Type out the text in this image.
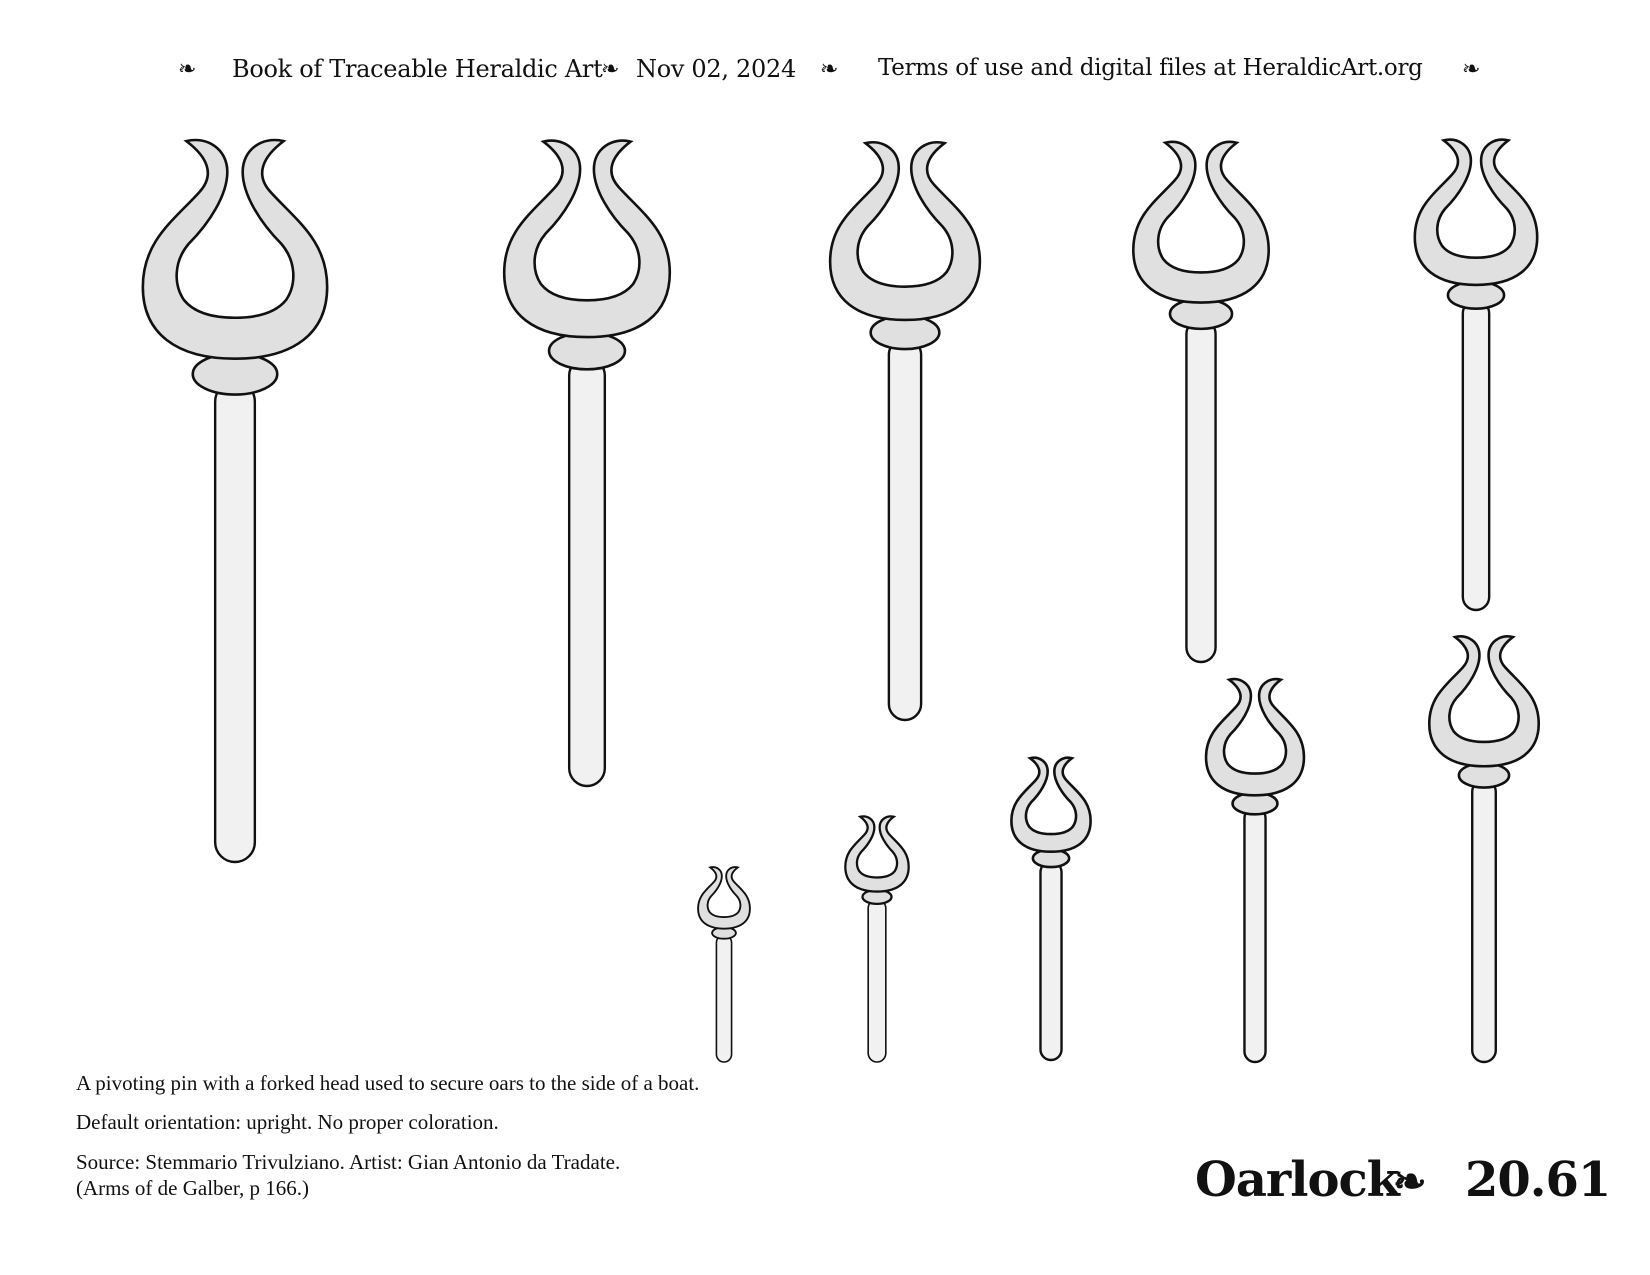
❧ Book of Traceable Heraldic Art
❧ Nov 02, 2024 ❧ Terms of use and digital files at HeraldicArt.org ❧
A pivoting pin with a forked head used to secure oars to the side of a boat.
Default orientation: upright. No proper coloration.
Source: Stemmario Trivulziano. Artist: Gian Antonio da Tradate.
(Arms of de Galber, p 166.)	Oarlock
❧ 20.61
